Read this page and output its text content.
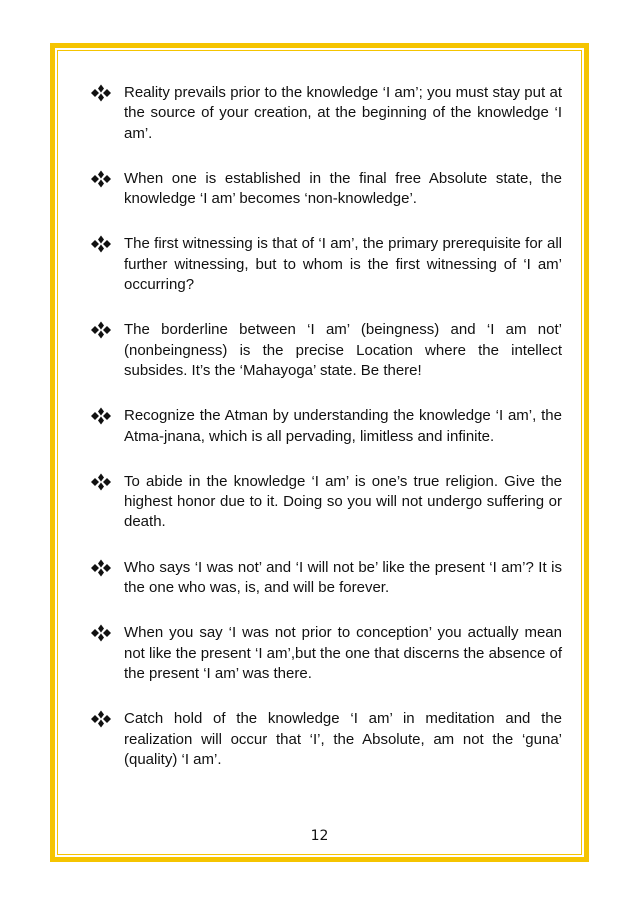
Reality prevails prior to the knowledge ‘I am’; you must stay put at the source of your creation, at the beginning of the knowledge ‘I am’.

When one is established in the final free Absolute state, the knowledge ‘I am’ becomes ‘non-knowledge’.

The first witnessing is that of ‘I am’, the primary prerequisite for all further witnessing, but to whom is the first witnessing of ‘I am’ occurring?

The borderline between ‘I am’ (beingness) and ‘I am not’ (nonbeingness) is the precise Location where the intellect subsides. It’s the ‘Mahayoga’ state. Be there!

Recognize the Atman by understanding the knowledge ‘I am’, the Atma-jnana, which is all pervading, limitless and infinite.

To abide in the knowledge ‘I am’ is one’s true religion. Give the highest honor due to it. Doing so you will not undergo suffering or death.

Who says ‘I was not’ and ‘I will not be’ like the present ‘I am’? It is the one who was, is, and will be forever.

When you say ‘I was not prior to conception’ you actually mean not like the present ‘I am’,but the one that discerns the absence of the present ‘I am’ was there.

Catch hold of the knowledge ‘I am’ in meditation and the realization will occur that ‘I’, the Absolute, am not the ‘guna’ (quality) ‘I am’.

12
